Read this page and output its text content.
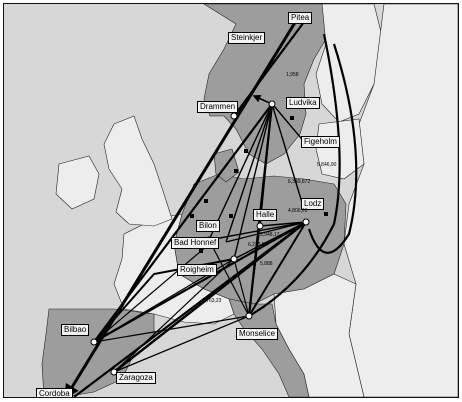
Pitea
Steinkjer
Drammen	Ludvika
Figeholm
Lodz
Halle
Bilon
Bad Honnef
Roigheim
Bilbao	Monselice
Zaragoza
Cordoba
1,958
5,846,90
6,349,872
4,800,91
3,948,17
6,273,84
5,888
1,763,23
